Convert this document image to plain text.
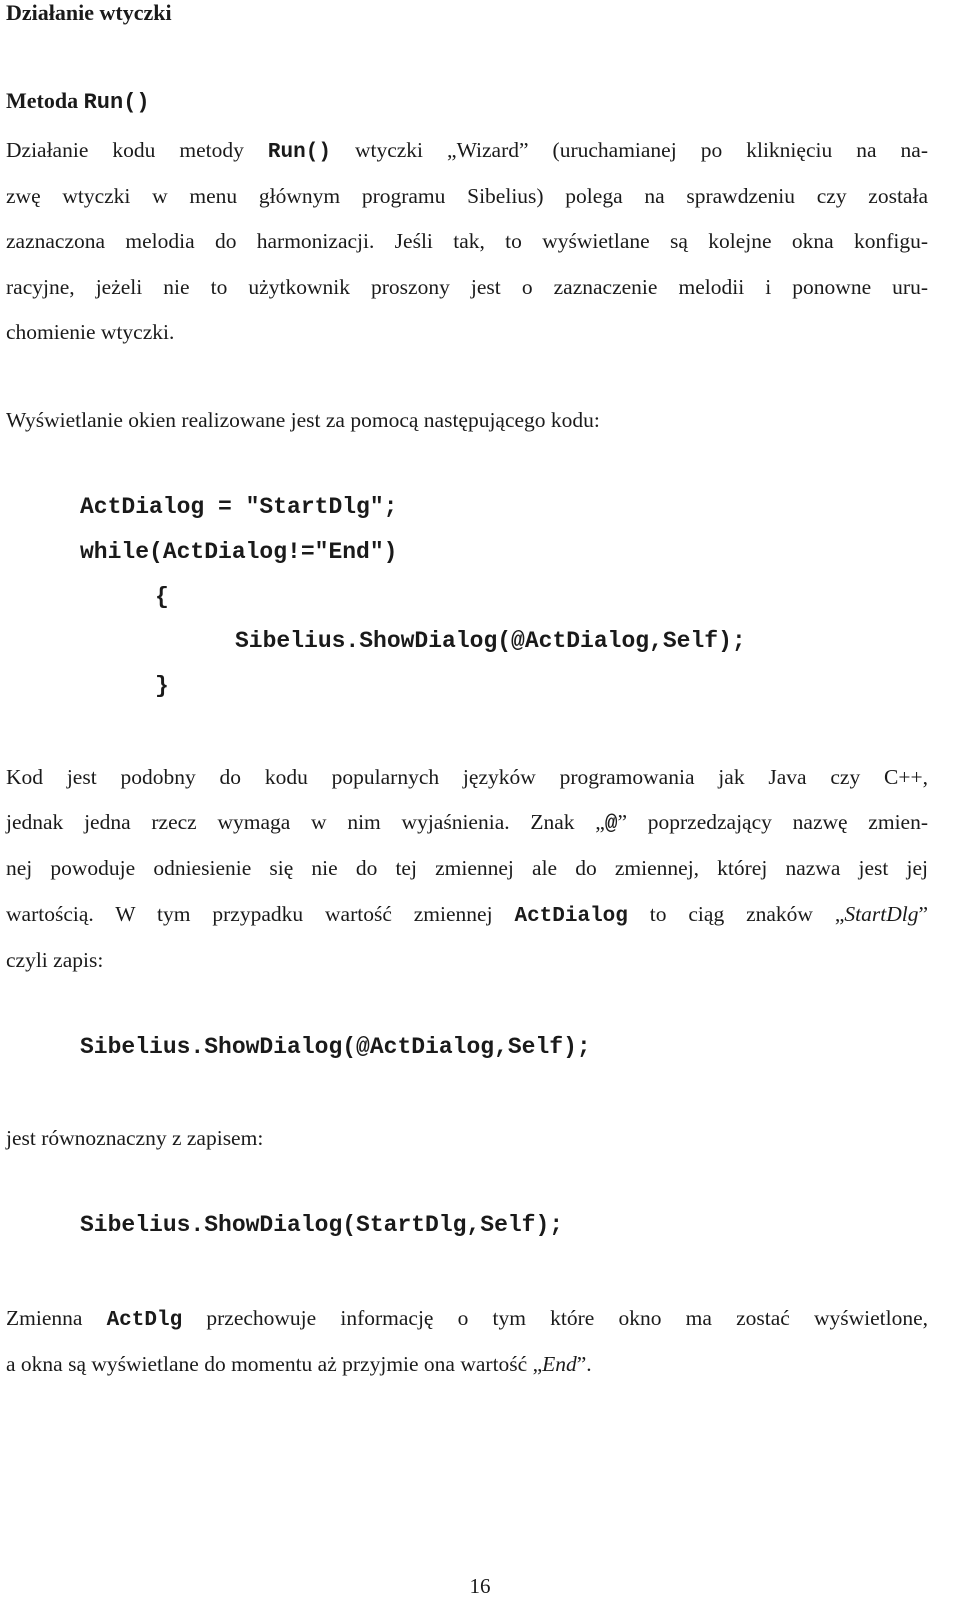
Działanie wtyczki
Metoda Run()
Działanie kodu metody Run() wtyczki „Wizard” (uruchamianej po kliknięciu na na-
zwę wtyczki w menu głównym programu Sibelius) polega na sprawdzeniu czy została
zaznaczona melodia do harmonizacji. Jeśli tak, to wyświetlane są kolejne okna konfigu-
racyjne, jeżeli nie to użytkownik proszony jest o zaznaczenie melodii i ponowne uru-
chomienie wtyczki.
Wyświetlanie okien realizowane jest za pomocą następującego kodu:
ActDialog = "StartDlg";
while(ActDialog!="End")
{
Sibelius.ShowDialog(@ActDialog,Self);
}
Kod jest podobny do kodu popularnych języków programowania jak Java czy C++,
jednak jedna rzecz wymaga w nim wyjaśnienia. Znak „@” poprzedzający nazwę zmien-
nej powoduje odniesienie się nie do tej zmiennej ale do zmiennej, której nazwa jest jej
wartością. W tym przypadku wartość zmiennej ActDialog to ciąg znaków „StartDlg”
czyli zapis:
Sibelius.ShowDialog(@ActDialog,Self);
jest równoznaczny z zapisem:
Sibelius.ShowDialog(StartDlg,Self);
Zmienna ActDlg przechowuje informację o tym które okno ma zostać wyświetlone,
a okna są wyświetlane do momentu aż przyjmie ona wartość „End”.
16
